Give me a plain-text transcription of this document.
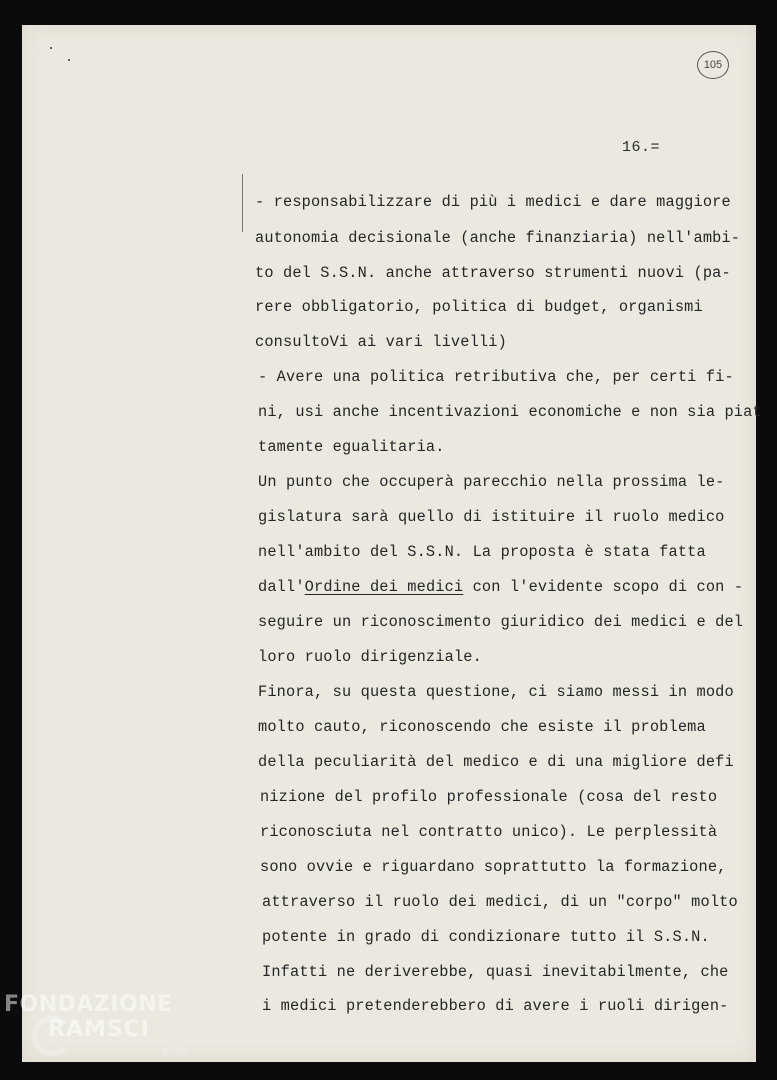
105
16.=
- responsabilizzare di più i medici e dare maggiore
autonomia decisionale (anche finanziaria) nell'ambi-
to del S.S.N. anche attraverso strumenti nuovi (pa-
rere obbligatorio, politica di budget, organismi
consultoVi ai vari livelli)
- Avere una politica retributiva che, per certi fi-
ni, usi anche incentivazioni economiche e non sia piat
tamente egualitaria.
Un punto che occuperà parecchio nella prossima le-
gislatura sarà quello di istituire il ruolo medico
nell'ambito del S.S.N. La proposta è stata fatta
dall'Ordine dei medici con l'evidente scopo di con -
seguire un riconoscimento giuridico dei medici e del
loro ruolo dirigenziale.
Finora, su questa questione, ci siamo messi in modo
molto cauto, riconoscendo che esiste il problema
della peculiarità del medico e di una migliore defi
nizione del profilo professionale (cosa del resto
riconosciuta nel contratto unico). Le perplessità
sono ovvie e riguardano soprattutto la formazione,
attraverso il ruolo dei medici, di un "corpo" molto
potente in grado di condizionare tutto il S.S.N.
Infatti ne deriverebbe, quasi inevitabilmente, che
i medici pretenderebbero di avere i ruoli dirigen-
FONDAZIONE
RAMSCI
onlus
